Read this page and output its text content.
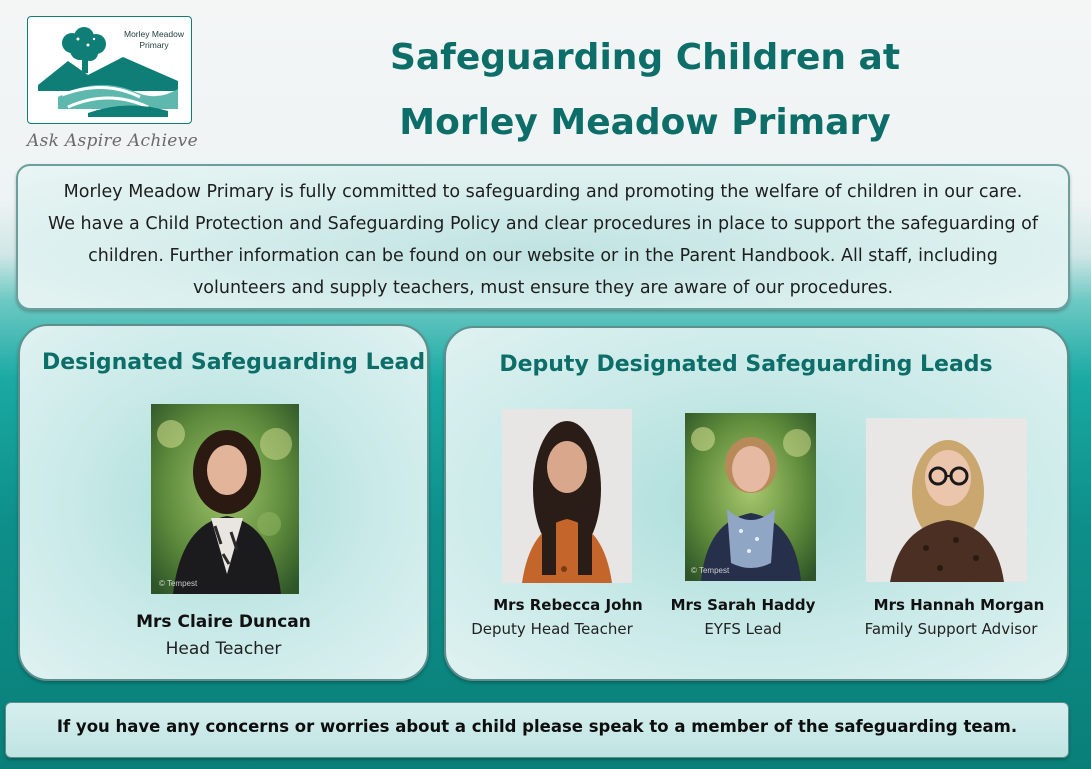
Morley Meadow
Primary
Ask Aspire Achieve
Safeguarding Children at
Morley Meadow Primary
Morley Meadow Primary is fully committed to safeguarding and promoting the welfare of children in our care.
We have a Child Protection and Safeguarding Policy and clear procedures in place to support the safeguarding of
children. Further information can be found on our website or in the Parent Handbook. All staff, including
volunteers and supply teachers, must ensure they are aware of our procedures.
Designated Safeguarding Lead
© Tempest
Mrs Claire Duncan
Head Teacher
Deputy Designated Safeguarding Leads
Mrs Rebecca John
Deputy Head Teacher
© Tempest
Mrs Sarah Haddy
EYFS Lead
Mrs Hannah Morgan
Family Support Advisor
If you have any concerns or worries about a child please speak to a member of the safeguarding team.
